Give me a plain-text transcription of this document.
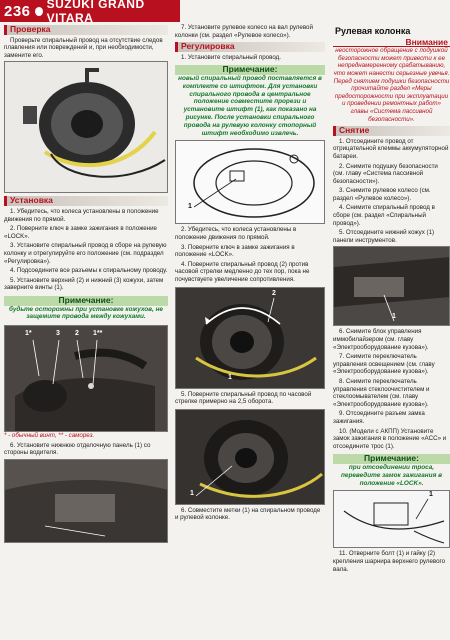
236 SUZUKI GRAND VITARA
Проверка

Проверьте спиральный провод на отсутствие следов плавления или повреждений и, при необходимости, замените его.

Установка

1. Убедитесь, что колеса установлены в положение движения по прямой.

2. Поверните ключ в замке зажигания в положение «LOCK».

3. Установите спиральный провод в сборе на рулевую колонку и отрегулируйте его положение (см. подраздел «Регулировка»).

4. Подсоедините все разъемы к спиральному проводу.

5. Установите верхний (2) и нижний (3) кожухи, затем заверните винты (1).

Примечание:
будьте осторожны при установке кожухов, не защемите провода между кожухами.
1*	3 2 1**
* - обычный винт, ** - саморез.

6. Установите нижнюю отделочную панель (1) со стороны водителя.

7. Установите рулевое колесо на вал рулевой колонки (см. раздел «Рулевое колесо»).

Регулировка

1. Установите спиральный провод.

Примечание:
новый спиральный провод поставляется в комплекте со штифтом. Для установки спирального провода в центральное положение совместите прорези и установите штифт (1), как показано на рисунке. После установки спирального провода на рулевую колонку стопорный штифт необходимо извлечь.
1

2. Убедитесь, что колеса установлены в положение движения по прямой.

3. Поверните ключ в замке зажигания в положение «LOCK».

4. Поверните спиральный провод (2) против часовой стрелки медленно до тех пор, пока не почувствуете увеличение сопротивления.

2
1

5. Поверните спиральный провод по часовой стрелке примерно на 2,5 оборота.

1

6. Совместите метки (1) на спиральном проводе и рулевой колонке.

Рулевая колонка
Внимание
неосторожное обращение с подушкой безопасности может привести к ее непреднамеренному срабатыванию, что может нанести серьезные увечья. Перед снятием подушки безопасности прочитайте раздел «Меры предосторожности при эксплуатации и проведении ремонтных работ» главы «Система пассивной безопасности».
Снятие

1. Отсоедините провод от отрицательной клеммы аккумуляторной батареи.

2. Снимите подушку безопасности (см. главу «Система пассивной безопасности»).

3. Снимите рулевое колесо (см. раздел «Рулевое колесо»).

4. Снимите спиральный провод в сборе (см. раздел «Спиральный провод»).

5. Отсоедините нижний кожух (1) панели инструментов.

1

6. Снимите блок управления иммобилайзером (см. главу «Электрооборудование кузова»).

7. Снимите переключатель управления освещением (см. главу «Электрооборудование кузова»).

8. Снимите переключатель управления стеклоочистителем и стеклоомывателем (см. главу «Электрооборудование кузова»).

9. Отсоедините разъем замка зажигания.

10. (Модели с АКПП) Установите замок зажигания в положение «ACC» и отсоедините трос (1).

Примечание:
при отсоединении троса, переведите замок зажигания в положение «LOCK».
1

11. Отверните болт (1) и гайку (2) крепления шарнира верхнего рулевого вала.
